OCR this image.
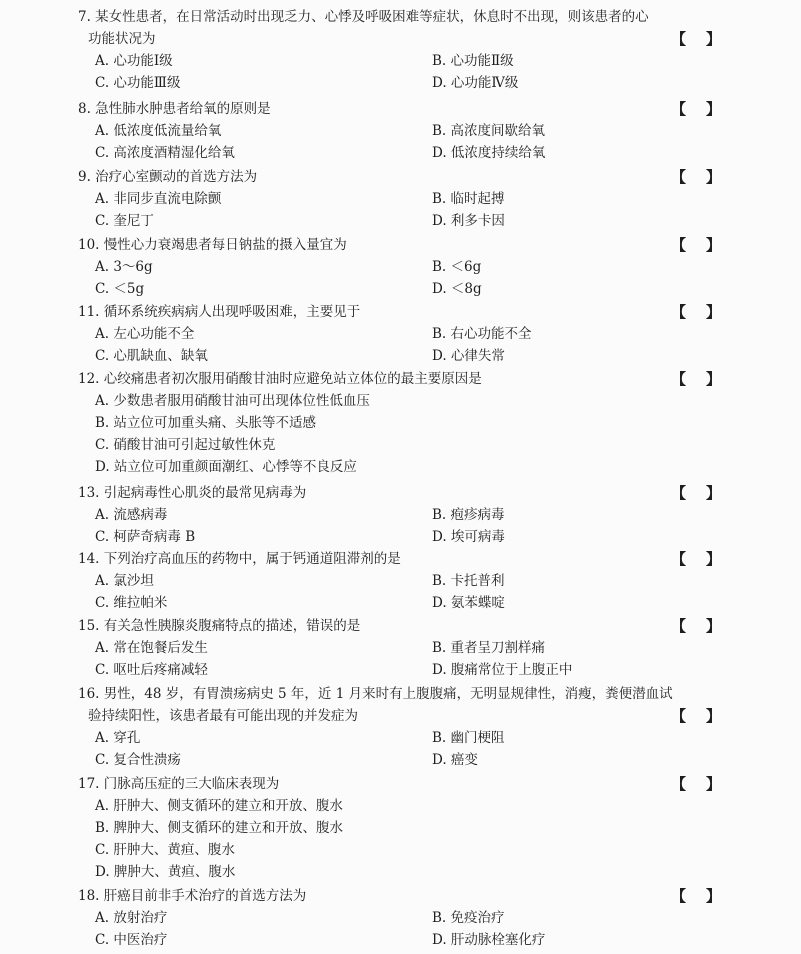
7. 某女性患者，在日常活动时出现乏力、心悸及呼吸困难等症状，休息时不出现，则该患者的心
功能状况为	【 】
A. 心功能Ⅰ级	B. 心功能Ⅱ级
C. 心功能Ⅲ级	D. 心功能Ⅳ级
8. 急性肺水肿患者给氧的原则是	【 】
A. 低浓度低流量给氧	B. 高浓度间歇给氧
C. 高浓度酒精湿化给氧	D. 低浓度持续给氧
9. 治疗心室颤动的首选方法为	【 】
A. 非同步直流电除颤	B. 临时起搏
C. 奎尼丁	D. 利多卡因
10. 慢性心力衰竭患者每日钠盐的摄入量宜为	【 】
A. 3～6g	B. ＜6g
C. ＜5g	D. ＜8g
11. 循环系统疾病病人出现呼吸困难，主要见于	【 】
A. 左心功能不全	B. 右心功能不全
C. 心肌缺血、缺氧	D. 心律失常
12. 心绞痛患者初次服用硝酸甘油时应避免站立体位的最主要原因是	【 】
A. 少数患者服用硝酸甘油可出现体位性低血压
B. 站立位可加重头痛、头胀等不适感
C. 硝酸甘油可引起过敏性休克
D. 站立位可加重颜面潮红、心悸等不良反应
13. 引起病毒性心肌炎的最常见病毒为	【 】
A. 流感病毒	B. 疱疹病毒
C. 柯萨奇病毒 B	D. 埃可病毒
14. 下列治疗高血压的药物中，属于钙通道阻滞剂的是	【 】
A. 氯沙坦	B. 卡托普利
C. 维拉帕米	D. 氨苯蝶啶
15. 有关急性胰腺炎腹痛特点的描述，错误的是	【 】
A. 常在饱餐后发生	B. 重者呈刀割样痛
C. 呕吐后疼痛减轻	D. 腹痛常位于上腹正中
16. 男性，48 岁，有胃溃疡病史 5 年，近 1 月来时有上腹腹痛，无明显规律性，消瘦，粪便潜血试
验持续阳性，该患者最有可能出现的并发症为	【 】
A. 穿孔	B. 幽门梗阻
C. 复合性溃疡	D. 癌变
17. 门脉高压症的三大临床表现为	【 】
A. 肝肿大、侧支循环的建立和开放、腹水
B. 脾肿大、侧支循环的建立和开放、腹水
C. 肝肿大、黄疸、腹水
D. 脾肿大、黄疸、腹水
18. 肝癌目前非手术治疗的首选方法为	【 】
A. 放射治疗	B. 免疫治疗
C. 中医治疗	D. 肝动脉栓塞化疗
